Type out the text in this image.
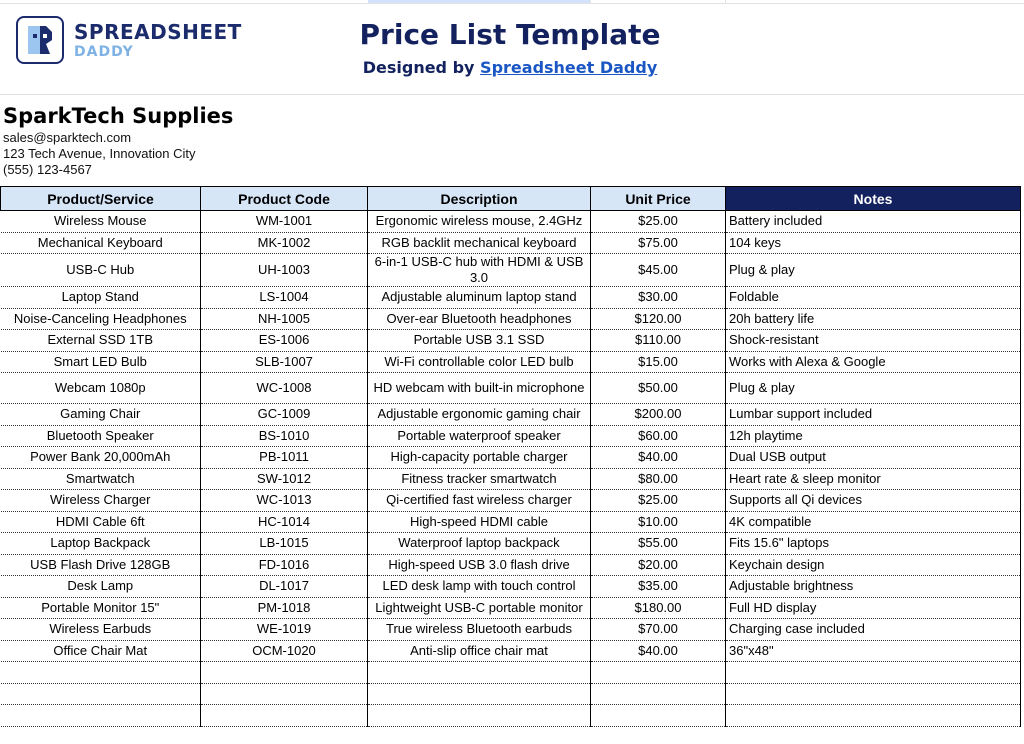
SPREADSHEET
DADDY
Price List Template
Designed by Spreadsheet Daddy
SparkTech Supplies
sales@sparktech.com
123 Tech Avenue, Innovation City
(555) 123-4567
Product/Service	Product Code	Description	Unit Price	Notes
Wireless Mouse	WM-1001	Ergonomic wireless mouse, 2.4GHz	$25.00	Battery included
Mechanical Keyboard	MK-1002	RGB backlit mechanical keyboard	$75.00	104 keys
USB-C Hub	UH-1003	6-in-1 USB-C hub with HDMI & USB 3.0	$45.00	Plug & play
Laptop Stand	LS-1004	Adjustable aluminum laptop stand	$30.00	Foldable
Noise-Canceling Headphones	NH-1005	Over-ear Bluetooth headphones	$120.00	20h battery life
External SSD 1TB	ES-1006	Portable USB 3.1 SSD	$110.00	Shock-resistant
Smart LED Bulb	SLB-1007	Wi-Fi controllable color LED bulb	$15.00	Works with Alexa & Google
Webcam 1080p	WC-1008	HD webcam with built-in microphone	$50.00	Plug & play
Gaming Chair	GC-1009	Adjustable ergonomic gaming chair	$200.00	Lumbar support included
Bluetooth Speaker	BS-1010	Portable waterproof speaker	$60.00	12h playtime
Power Bank 20,000mAh	PB-1011	High-capacity portable charger	$40.00	Dual USB output
Smartwatch	SW-1012	Fitness tracker smartwatch	$80.00	Heart rate & sleep monitor
Wireless Charger	WC-1013	Qi-certified fast wireless charger	$25.00	Supports all Qi devices
HDMI Cable 6ft	HC-1014	High-speed HDMI cable	$10.00	4K compatible
Laptop Backpack	LB-1015	Waterproof laptop backpack	$55.00	Fits 15.6" laptops
USB Flash Drive 128GB	FD-1016	High-speed USB 3.0 flash drive	$20.00	Keychain design
Desk Lamp	DL-1017	LED desk lamp with touch control	$35.00	Adjustable brightness
Portable Monitor 15"	PM-1018	Lightweight USB-C portable monitor	$180.00	Full HD display
Wireless Earbuds	WE-1019	True wireless Bluetooth earbuds	$70.00	Charging case included
Office Chair Mat	OCM-1020	Anti-slip office chair mat	$40.00	36"x48"
